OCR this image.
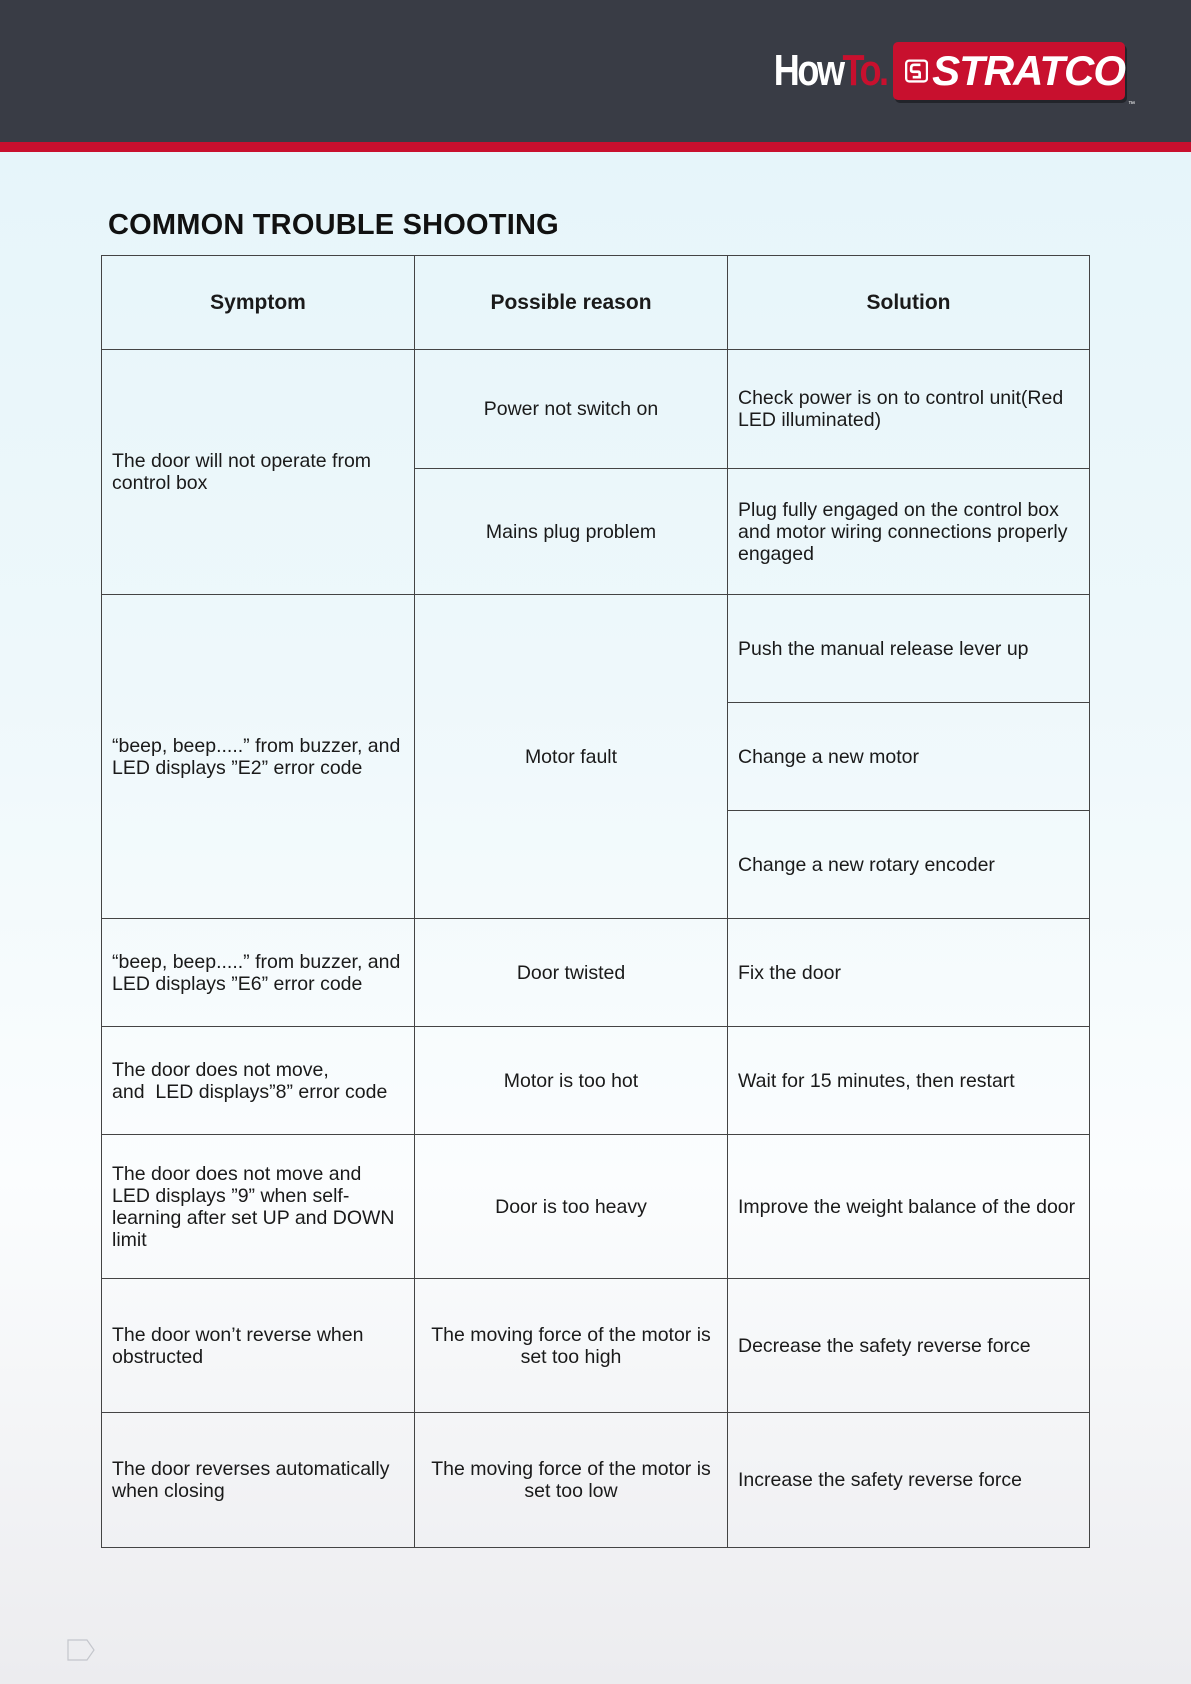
HowTo. STRATCO
™
COMMON TROUBLE SHOOTING
Symptom	Possible reason	Solution
The door will not operate from control box	Power not switch on	Check power is on to control unit(Red LED illuminated)
	Mains plug problem	Plug fully engaged on the control box and motor wiring connections properly engaged
“beep, beep.....” from buzzer, and LED displays ”E2” error code	Motor fault	Push the manual release lever up
		Change a new motor
		Change a new rotary encoder
“beep, beep.....” from buzzer, and LED displays ”E6” error code	Door twisted	Fix the door
The door does not move, and  LED displays”8” error code	Motor is too hot	Wait for 15 minutes, then restart
The door does not move and LED displays ”9” when self-learning after set UP and DOWN limit	Door is too heavy	Improve the weight balance of the door
The door won’t reverse when obstructed	The moving force of the motor is set too high	Decrease the safety reverse force
The door reverses automatically when closing	The moving force of the motor is set too low	Increase the safety reverse force
